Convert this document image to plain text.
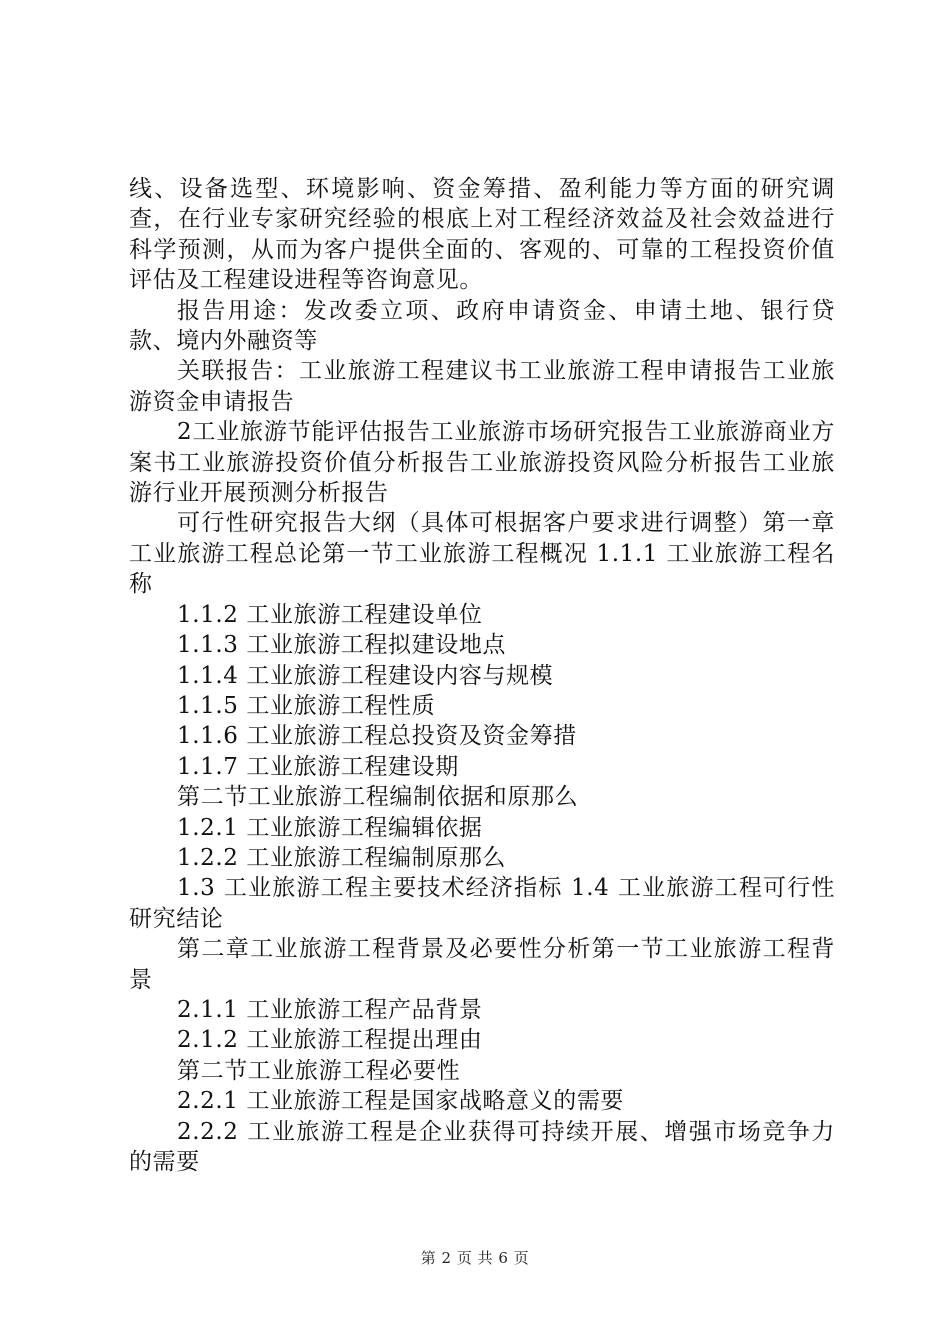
线、设备选型、环境影响、资金筹措、盈利能力等方面的研究调查，在行业专家研究经验的根底上对工程经济效益及社会效益进行科学预测，从而为客户提供全面的、客观的、可靠的工程投资价值评估及工程建设进程等咨询意见。

报告用途：发改委立项、政府申请资金、申请土地、银行贷款、境内外融资等

关联报告：工业旅游工程建议书工业旅游工程申请报告工业旅游资金申请报告

2工业旅游节能评估报告工业旅游市场研究报告工业旅游商业方案书工业旅游投资价值分析报告工业旅游投资风险分析报告工业旅游行业开展预测分析报告

可行性研究报告大纲（具体可根据客户要求进行调整）第一章工业旅游工程总论第一节工业旅游工程概况 1.1.1 工业旅游工程名称

1.1.2 工业旅游工程建设单位

1.1.3 工业旅游工程拟建设地点

1.1.4 工业旅游工程建设内容与规模

1.1.5 工业旅游工程性质

1.1.6 工业旅游工程总投资及资金筹措

1.1.7 工业旅游工程建设期

第二节工业旅游工程编制依据和原那么

1.2.1 工业旅游工程编辑依据

1.2.2 工业旅游工程编制原那么

1.3 工业旅游工程主要技术经济指标 1.4 工业旅游工程可行性研究结论

第二章工业旅游工程背景及必要性分析第一节工业旅游工程背景

2.1.1 工业旅游工程产品背景

2.1.2 工业旅游工程提出理由

第二节工业旅游工程必要性

2.2.1 工业旅游工程是国家战略意义的需要

2.2.2 工业旅游工程是企业获得可持续开展、增强市场竞争力的需要

第 2 页 共 6 页
